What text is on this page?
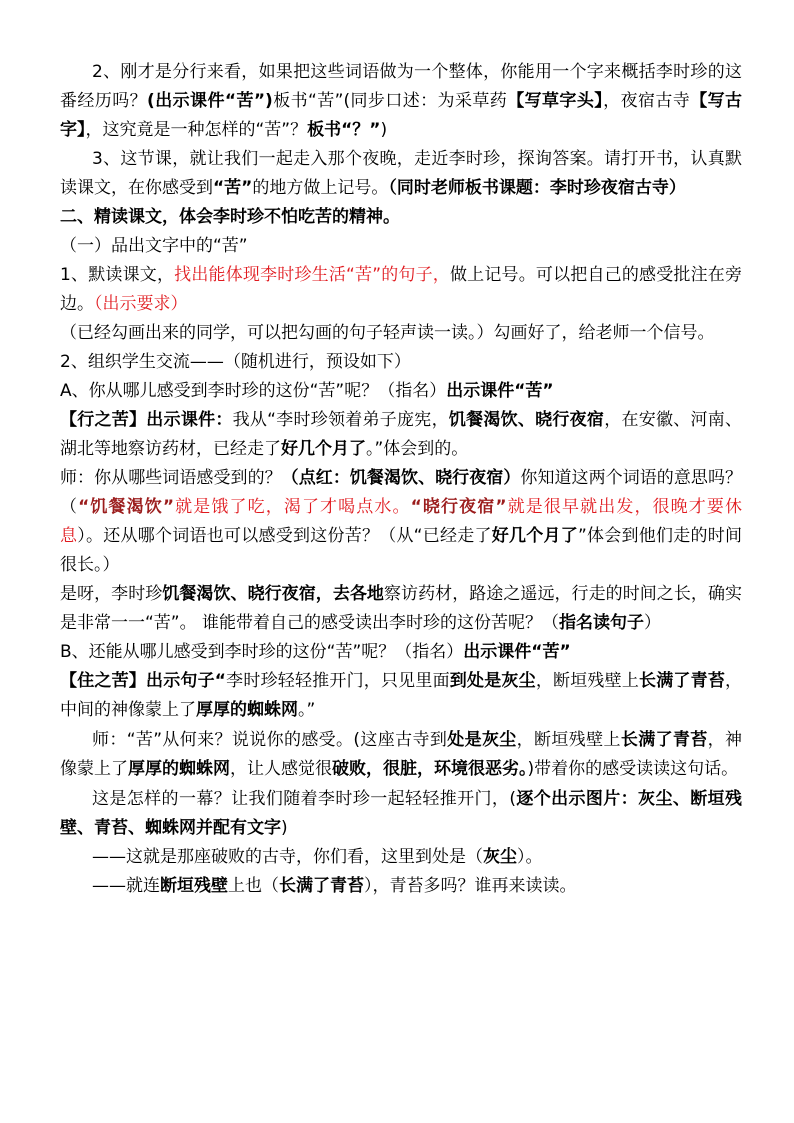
2、刚才是分行来看，如果把这些词语做为一个整体，你能用一个字来概括李时珍的这番经历吗？(出示课件“苦”)板书“苦”(同步口述：为采草药【写草字头】，夜宿古寺【写古字】，这究竟是一种怎样的“苦”？板书“？”)

3、这节课，就让我们一起走入那个夜晚，走近李时珍，探询答案。请打开书，认真默读课文，在你感受到“苦”的地方做上记号。（同时老师板书课题：李时珍夜宿古寺）

二、精读课文，体会李时珍不怕吃苦的精神。

（一）品出文字中的“苦”

1、默读课文，找出能体现李时珍生活“苦”的句子，做上记号。可以把自己的感受批注在旁边。（出示要求）

（已经勾画出来的同学，可以把勾画的句子轻声读一读。）勾画好了，给老师一个信号。

2、组织学生交流——（随机进行，预设如下）

A、你从哪儿感受到李时珍的这份“苦”呢？（指名）出示课件“苦”

【行之苦】出示课件：我从“李时珍领着弟子庞宪，饥餐渴饮、晓行夜宿，在安徽、河南、湖北等地察访药材，已经走了好几个月了。”体会到的。

师：你从哪些词语感受到的？（点红：饥餐渴饮、晓行夜宿）你知道这两个词语的意思吗？（“饥餐渴饮”就是饿了吃，渴了才喝点水。“晓行夜宿”就是很早就出发，很晚才要休息）。还从哪个词语也可以感受到这份苦？（从“已经走了好几个月了”体会到他们走的时间很长。）

是呀，李时珍饥餐渴饮、晓行夜宿，去各地察访药材，路途之遥远，行走的时间之长，确实是非常一一“苦”。 谁能带着自己的感受读出李时珍的这份苦呢？（指名读句子）

B、还能从哪儿感受到李时珍的这份“苦”呢？（指名）出示课件“苦”

【住之苦】出示句子“李时珍轻轻推开门，只见里面到处是灰尘，断垣残壁上长满了青苔，中间的神像蒙上了厚厚的蜘蛛网。”

师：“苦”从何来？说说你的感受。(这座古寺到处是灰尘，断垣残壁上长满了青苔，神像蒙上了厚厚的蜘蛛网，让人感觉很破败，很脏，环境很恶劣。)带着你的感受读读这句话。

这是怎样的一幕？让我们随着李时珍一起轻轻推开门，(逐个出示图片：灰尘、断垣残壁、青苔、蜘蛛网并配有文字)

——这就是那座破败的古寺，你们看，这里到处是（灰尘）。

——就连断垣残壁上也（长满了青苔），青苔多吗？谁再来读读。
